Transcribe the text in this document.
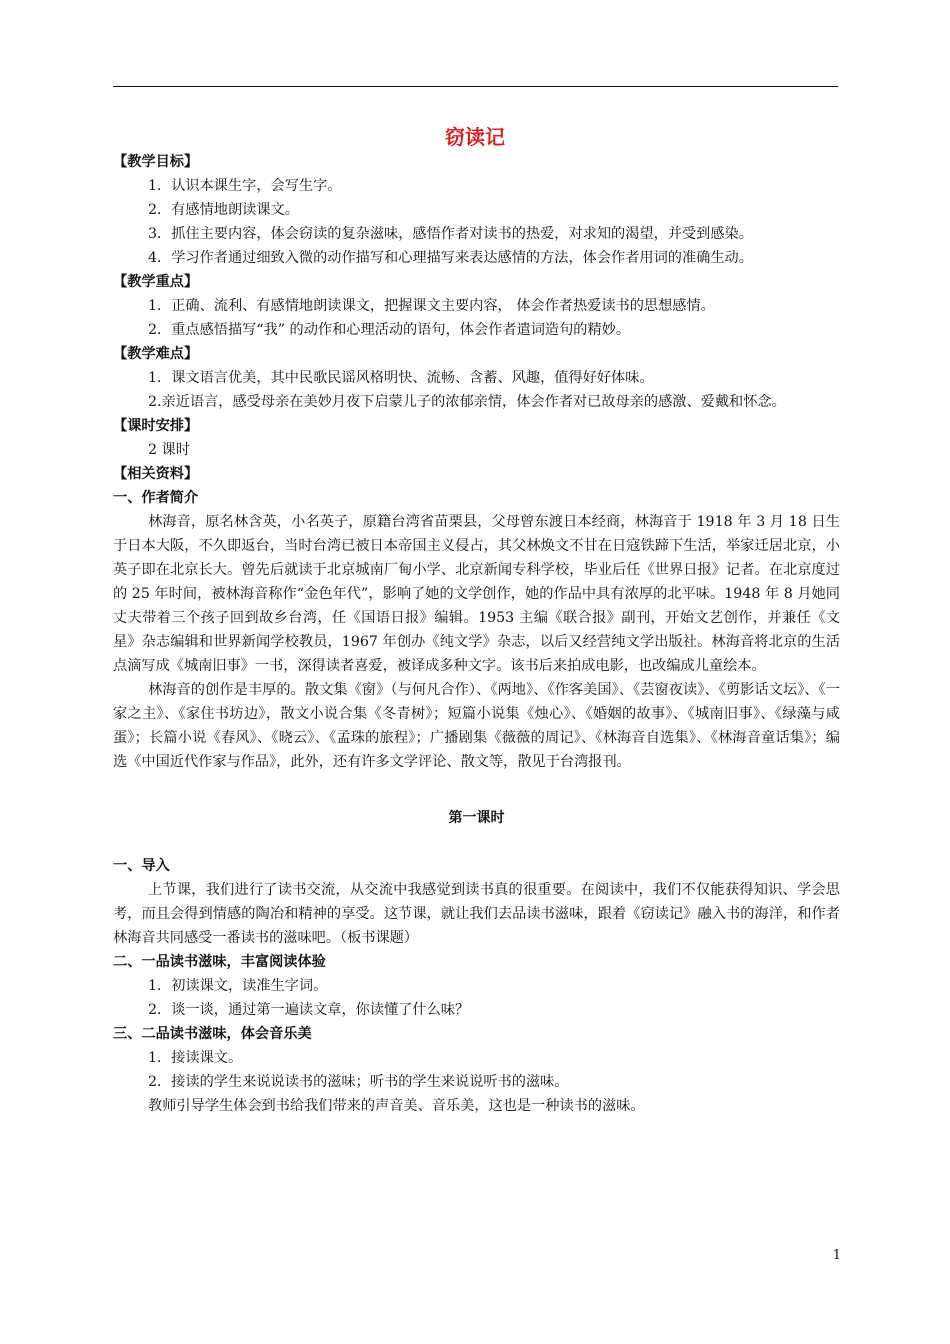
窃读记
【教学目标】
1．认识本课生字，会写生字。
2．有感情地朗读课文。
3．抓住主要内容，体会窃读的复杂滋味，感悟作者对读书的热爱，对求知的渴望，并受到感染。
4．学习作者通过细致入微的动作描写和心理描写来表达感情的方法，体会作者用词的准确生动。
【教学重点】
1．正确、流利、有感情地朗读课文，把握课文主要内容， 体会作者热爱读书的思想感情。
2．重点感悟描写“我” 的动作和心理活动的语句，体会作者遣词造句的精妙。
【教学难点】
1．课文语言优美，其中民歌民谣风格明快、流畅、含蓄、风趣，值得好好体味。

2.亲近语言，感受母亲在美妙月夜下启蒙儿子的浓郁亲情，体会作者对已故母亲的感激、爱戴和怀念。

【课时安排】
2 课时
【相关资料】
一、作者简介

林海音，原名林含英，小名英子，原籍台湾省苗栗县，父母曾东渡日本经商，林海音于 1918 年 3 月 18 日生于日本大阪，不久即返台，当时台湾已被日本帝国主义侵占，其父林焕文不甘在日寇铁蹄下生活，举家迁居北京，小英子即在北京长大。曾先后就读于北京城南厂甸小学、北京新闻专科学校，毕业后任《世界日报》记者。在北京度过的 25 年时间，被林海音称作“金色年代”，影响了她的文学创作，她的作品中具有浓厚的北平味。1948 年 8 月她同丈夫带着三个孩子回到故乡台湾，任《国语日报》编辑。1953 主编《联合报》副刊，开始文艺创作，并兼任《文星》杂志编辑和世界新闻学校教员，1967 年创办《纯文学》杂志，以后又经营纯文学出版社。林海音将北京的生活点滴写成《城南旧事》一书，深得读者喜爱，被译成多种文字。该书后来拍成电影，也改编成儿童绘本。

林海音的创作是丰厚的。散文集《窗》（与何凡合作）、《两地》、《作客美国》、《芸窗夜读》、《剪影话文坛》、《一家之主》、《家住书坊边》，散文小说合集《冬青树》；短篇小说集《烛心》、《婚姻的故事》、《城南旧事》、《绿藻与咸蛋》；长篇小说《春风》、《晓云》、《孟珠的旅程》；广播剧集《薇薇的周记》、《林海音自选集》、《林海音童话集》；编选《中国近代作家与作品》，此外，还有许多文学评论、散文等，散见于台湾报刊。

第一课时
一、导入

上节课，我们进行了读书交流，从交流中我感觉到读书真的很重要。在阅读中，我们不仅能获得知识、学会思考，而且会得到情感的陶冶和精神的享受。这节课，就让我们去品读书滋味，跟着《窃读记》融入书的海洋，和作者林海音共同感受一番读书的滋味吧。（板书课题）

二、一品读书滋味，丰富阅读体验
1．初读课文，读准生字词。
2．谈一谈，通过第一遍读文章，你读懂了什么味？
三、二品读书滋味，体会音乐美
1．接读课文。
2．接读的学生来说说读书的滋味；听书的学生来说说听书的滋味。

教师引导学生体会到书给我们带来的声音美、音乐美，这也是一种读书的滋味。

1
